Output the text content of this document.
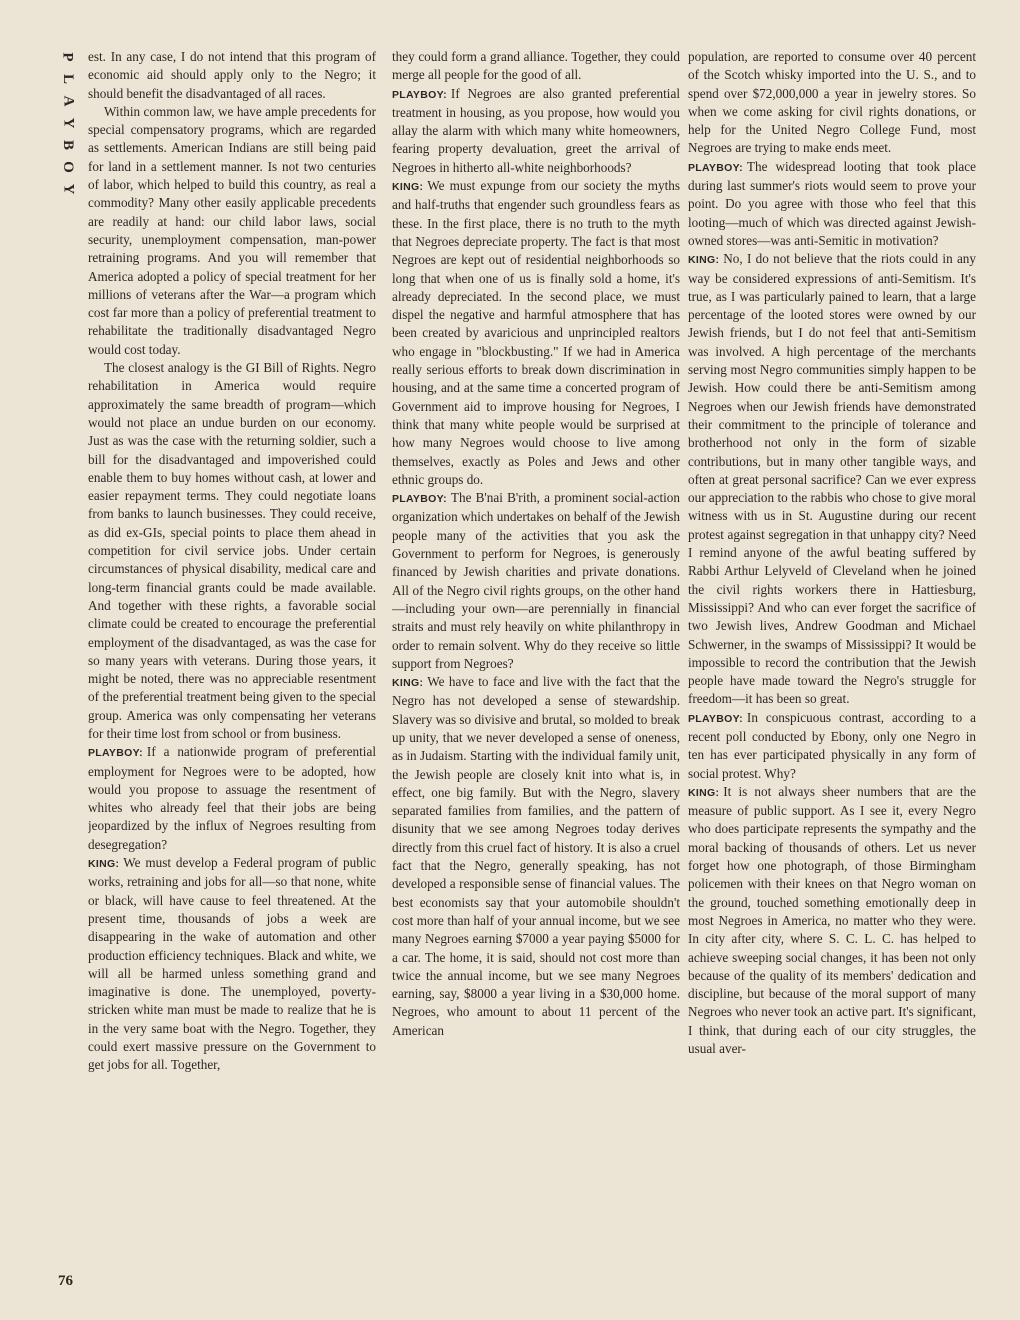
P
L
A
Y
B
O
Y

est. In any case, I do not intend that this program of economic aid should apply only to the Negro; it should benefit the disadvantaged of all races.

Within common law, we have ample precedents for special compensatory programs, which are regarded as settlements. American Indians are still being paid for land in a settlement manner. Is not two centuries of labor, which helped to build this country, as real a commodity? Many other easily applicable precedents are readily at hand: our child labor laws, social security, unemployment compensation, man-power retraining programs. And you will remember that America adopted a policy of special treatment for her millions of veterans after the War—a program which cost far more than a policy of preferential treatment to rehabilitate the traditionally disadvantaged Negro would cost today.

The closest analogy is the GI Bill of Rights. Negro rehabilitation in America would require approximately the same breadth of program—which would not place an undue burden on our economy. Just as was the case with the returning soldier, such a bill for the disadvantaged and impoverished could enable them to buy homes without cash, at lower and easier repayment terms. They could negotiate loans from banks to launch businesses. They could receive, as did ex-GIs, special points to place them ahead in competition for civil service jobs. Under certain circumstances of physical disability, medical care and long-term financial grants could be made available. And together with these rights, a favorable social climate could be created to encourage the preferential employment of the disadvantaged, as was the case for so many years with veterans. During those years, it might be noted, there was no appreciable resentment of the preferential treatment being given to the special group. America was only compensating her veterans for their time lost from school or from business.

PLAYBOY: If a nationwide program of preferential employment for Negroes were to be adopted, how would you propose to assuage the resentment of whites who already feel that their jobs are being jeopardized by the influx of Negroes resulting from desegregation?

KING: We must develop a Federal program of public works, retraining and jobs for all—so that none, white or black, will have cause to feel threatened. At the present time, thousands of jobs a week are disappearing in the wake of automation and other production efficiency techniques. Black and white, we will all be harmed unless something grand and imaginative is done. The unemployed, poverty-stricken white man must be made to realize that he is in the very same boat with the Negro. Together, they could exert massive pressure on the Government to get jobs for all. Together,

they could form a grand alliance. Together, they could merge all people for the good of all.

PLAYBOY: If Negroes are also granted preferential treatment in housing, as you propose, how would you allay the alarm with which many white homeowners, fearing property devaluation, greet the arrival of Negroes in hitherto all-white neighborhoods?

KING: We must expunge from our society the myths and half-truths that engender such groundless fears as these. In the first place, there is no truth to the myth that Negroes depreciate property. The fact is that most Negroes are kept out of residential neighborhoods so long that when one of us is finally sold a home, it's already depreciated. In the second place, we must dispel the negative and harmful atmosphere that has been created by avaricious and unprincipled realtors who engage in "blockbusting." If we had in America really serious efforts to break down discrimination in housing, and at the same time a concerted program of Government aid to improve housing for Negroes, I think that many white people would be surprised at how many Negroes would choose to live among themselves, exactly as Poles and Jews and other ethnic groups do.

PLAYBOY: The B'nai B'rith, a prominent social-action organization which undertakes on behalf of the Jewish people many of the activities that you ask the Government to perform for Negroes, is generously financed by Jewish charities and private donations. All of the Negro civil rights groups, on the other hand—including your own—are perennially in financial straits and must rely heavily on white philanthropy in order to remain solvent. Why do they receive so little support from Negroes?

KING: We have to face and live with the fact that the Negro has not developed a sense of stewardship. Slavery was so divisive and brutal, so molded to break up unity, that we never developed a sense of oneness, as in Judaism. Starting with the individual family unit, the Jewish people are closely knit into what is, in effect, one big family. But with the Negro, slavery separated families from families, and the pattern of disunity that we see among Negroes today derives directly from this cruel fact of history. It is also a cruel fact that the Negro, generally speaking, has not developed a responsible sense of financial values. The best economists say that your automobile shouldn't cost more than half of your annual income, but we see many Negroes earning $7000 a year paying $5000 for a car. The home, it is said, should not cost more than twice the annual income, but we see many Negroes earning, say, $8000 a year living in a $30,000 home. Negroes, who amount to about 11 percent of the American

population, are reported to consume over 40 percent of the Scotch whisky imported into the U. S., and to spend over $72,000,000 a year in jewelry stores. So when we come asking for civil rights donations, or help for the United Negro College Fund, most Negroes are trying to make ends meet.

PLAYBOY: The widespread looting that took place during last summer's riots would seem to prove your point. Do you agree with those who feel that this looting—much of which was directed against Jewish-owned stores—was anti-Semitic in motivation?

KING: No, I do not believe that the riots could in any way be considered expressions of anti-Semitism. It's true, as I was particularly pained to learn, that a large percentage of the looted stores were owned by our Jewish friends, but I do not feel that anti-Semitism was involved. A high percentage of the merchants serving most Negro communities simply happen to be Jewish. How could there be anti-Semitism among Negroes when our Jewish friends have demonstrated their commitment to the principle of tolerance and brotherhood not only in the form of sizable contributions, but in many other tangible ways, and often at great personal sacrifice? Can we ever express our appreciation to the rabbis who chose to give moral witness with us in St. Augustine during our recent protest against segregation in that unhappy city? Need I remind anyone of the awful beating suffered by Rabbi Arthur Lelyveld of Cleveland when he joined the civil rights workers there in Hattiesburg, Mississippi? And who can ever forget the sacrifice of two Jewish lives, Andrew Goodman and Michael Schwerner, in the swamps of Mississippi? It would be impossible to record the contribution that the Jewish people have made toward the Negro's struggle for freedom—it has been so great.

PLAYBOY: In conspicuous contrast, according to a recent poll conducted by Ebony, only one Negro in ten has ever participated physically in any form of social protest. Why?

KING: It is not always sheer numbers that are the measure of public support. As I see it, every Negro who does participate represents the sympathy and the moral backing of thousands of others. Let us never forget how one photograph, of those Birmingham policemen with their knees on that Negro woman on the ground, touched something emotionally deep in most Negroes in America, no matter who they were. In city after city, where S. C. L. C. has helped to achieve sweeping social changes, it has been not only because of the quality of its members' dedication and discipline, but because of the moral support of many Negroes who never took an active part. It's significant, I think, that during each of our city struggles, the usual aver-

76
